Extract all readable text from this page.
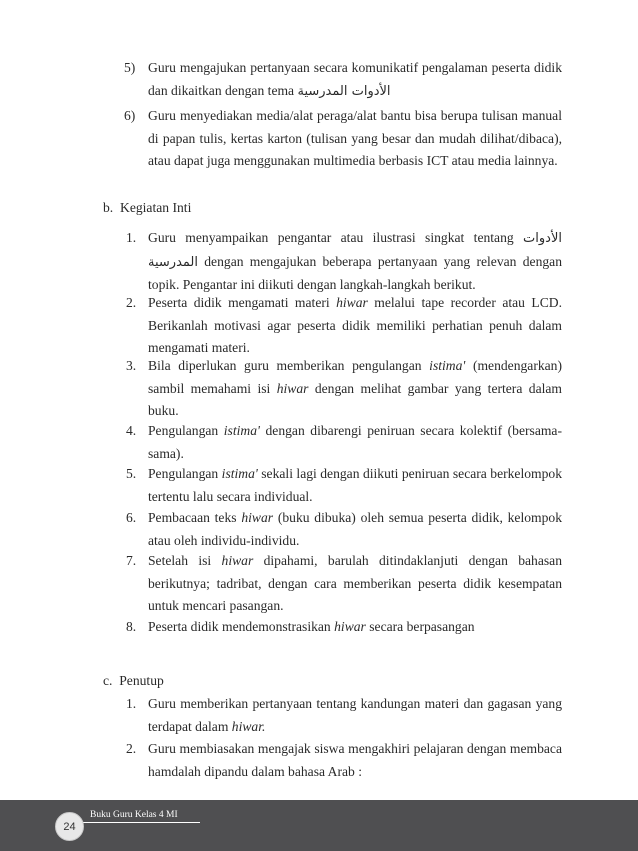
5) Guru mengajukan pertanyaan secara komunikatif pengalaman peserta didik dan dikaitkan dengan tema الأدوات المدرسية
6) Guru menyediakan media/alat peraga/alat bantu bisa berupa tulisan manual di papan tulis, kertas karton (tulisan yang besar dan mudah dilihat/dibaca), atau dapat juga menggunakan multimedia berbasis ICT atau media lainnya.
b. Kegiatan Inti
1. Guru menyampaikan pengantar atau ilustrasi singkat tentang الأدوات المدرسية dengan mengajukan beberapa pertanyaan yang relevan dengan topik. Pengantar ini diikuti dengan langkah-langkah berikut.
2. Peserta didik mengamati materi hiwar melalui tape recorder atau LCD. Berikanlah motivasi agar peserta didik memiliki perhatian penuh dalam mengamati materi.
3. Bila diperlukan guru memberikan pengulangan istima' (mendengarkan) sambil memahami isi hiwar dengan melihat gambar yang tertera dalam buku.
4. Pengulangan istima' dengan dibarengi peniruan secara kolektif (bersama-sama).
5. Pengulangan istima' sekali lagi dengan diikuti peniruan secara berkelompok tertentu lalu secara individual.
6. Pembacaan teks hiwar (buku dibuka) oleh semua peserta didik, kelompok atau oleh individu-individu.
7. Setelah isi hiwar dipahami, barulah ditindaklanjuti dengan bahasan berikutnya; tadribat, dengan cara memberikan peserta didik kesempatan untuk mencari pasangan.
8. Peserta didik mendemonstrasikan hiwar secara berpasangan
c. Penutup
1. Guru memberikan pertanyaan tentang kandungan materi dan gagasan yang terdapat dalam hiwar.
2. Guru membiasakan mengajak siswa mengakhiri pelajaran dengan membaca hamdalah dipandu dalam bahasa Arab :
Buku Guru Kelas 4 MI
24
